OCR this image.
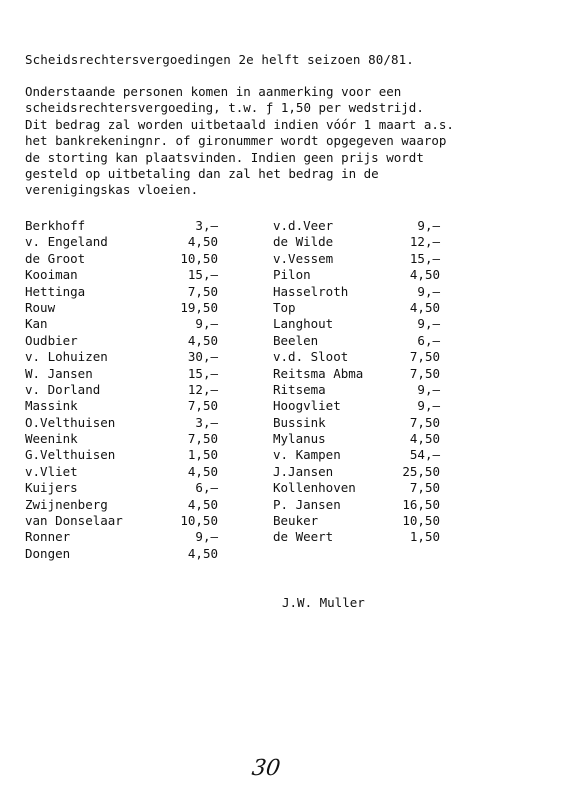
Scheidsrechtersvergoedingen 2e helft seizoen 80/81.
Onderstaande personen komen in aanmerking voor een
scheidsrechtersvergoeding, t.w. ƒ 1,50 per wedstrijd.
Dit bedrag zal worden uitbetaald indien vóór 1 maart a.s.
het bankrekeningnr. of gironummer wordt opgegeven waarop
de storting kan plaatsvinden. Indien geen prijs wordt
gesteld op uitbetaling dan zal het bedrag in de
verenigingskas vloeien.
Berkhoff	3,—
v. Engeland	4,50
de Groot	10,50
Kooiman	15,—
Hettinga	7,50
Rouw	19,50
Kan	9,—
Oudbier	4,50
v. Lohuizen	30,—
W. Jansen	15,—
v. Dorland	12,—
Massink	7,50
O.Velthuisen	3,—
Weenink	7,50
G.Velthuisen	1,50
v.Vliet	4,50
Kuijers	6,—
Zwijnenberg	4,50
van Donselaar	10,50
Ronner	9,—
Dongen	4,50
v.d.Veer	9,—
de Wilde	12,—
v.Vessem	15,—
Pilon	4,50
Hasselroth	9,—
Top	4,50
Langhout	9,—
Beelen	6,—
v.d. Sloot	7,50
Reitsma Abma	7,50
Ritsema	9,—
Hoogvliet	9,—
Bussink	7,50
Mylanus	4,50
v. Kampen	54,—
J.Jansen	25,50
Kollenhoven	7,50
P. Jansen	16,50
Beuker	10,50
de Weert	1,50
J.W. Muller
30
